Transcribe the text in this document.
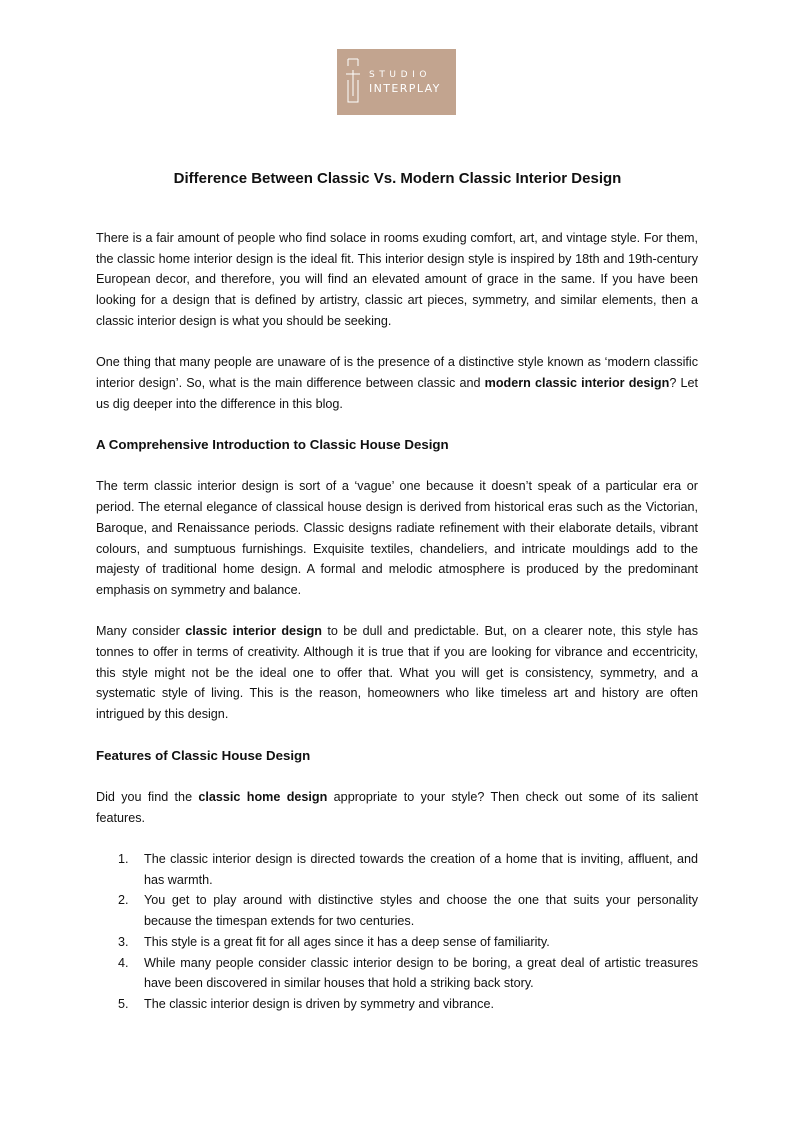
STUDIO
INTERPLAY
Difference Between Classic Vs. Modern Classic Interior Design

There is a fair amount of people who find solace in rooms exuding comfort, art, and vintage style. For them, the classic home interior design is the ideal fit. This interior design style is inspired by 18th and 19th-century European decor, and therefore, you will find an elevated amount of grace in the same. If you have been looking for a design that is defined by artistry, classic art pieces, symmetry, and similar elements, then a classic interior design is what you should be seeking.

One thing that many people are unaware of is the presence of a distinctive style known as ‘modern classific interior design’. So, what is the main difference between classic and modern classic interior design? Let us dig deeper into the difference in this blog.

A Comprehensive Introduction to Classic House Design

The term classic interior design is sort of a ‘vague’ one because it doesn’t speak of a particular era or period. The eternal elegance of classical house design is derived from historical eras such as the Victorian, Baroque, and Renaissance periods. Classic designs radiate refinement with their elaborate details, vibrant colours, and sumptuous furnishings. Exquisite textiles, chandeliers, and intricate mouldings add to the majesty of traditional home design. A formal and melodic atmosphere is produced by the predominant emphasis on symmetry and balance.

Many consider classic interior design to be dull and predictable. But, on a clearer note, this style has tonnes to offer in terms of creativity. Although it is true that if you are looking for vibrance and eccentricity, this style might not be the ideal one to offer that. What you will get is consistency, symmetry, and a systematic style of living. This is the reason, homeowners who like timeless art and history are often intrigued by this design.

Features of Classic House Design

Did you find the classic home design appropriate to your style? Then check out some of its salient features.

1. The classic interior design is directed towards the creation of a home that is inviting, affluent, and has warmth.
2. You get to play around with distinctive styles and choose the one that suits your personality because the timespan extends for two centuries.
3. This style is a great fit for all ages since it has a deep sense of familiarity.
4. While many people consider classic interior design to be boring, a great deal of artistic treasures have been discovered in similar houses that hold a striking back story.
5. The classic interior design is driven by symmetry and vibrance.
